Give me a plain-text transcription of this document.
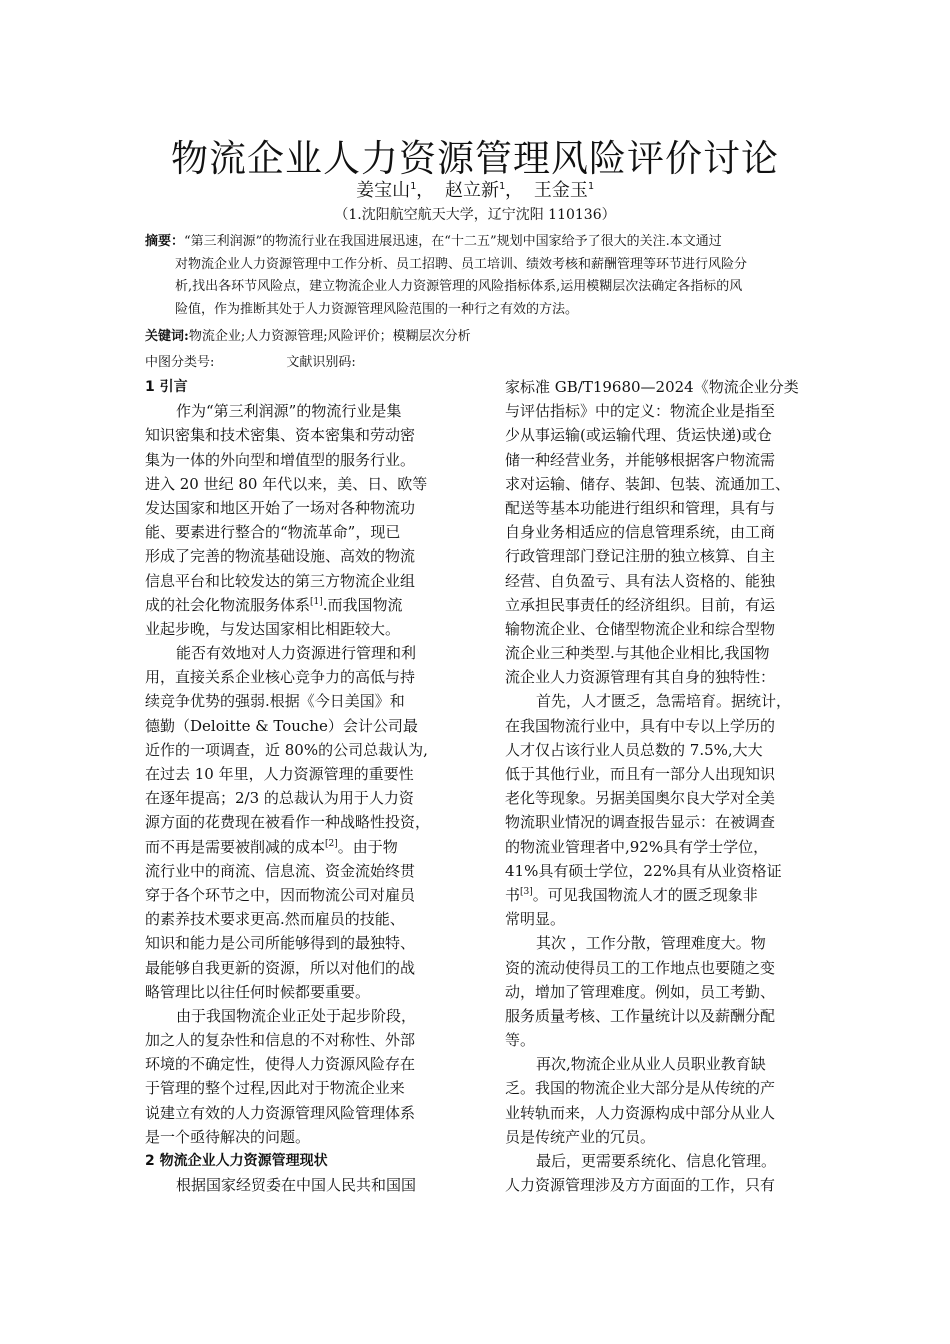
物流企业人力资源管理风险评价讨论
姜宝山$^1$， 赵立新$^1$， 王金玉$^1$
（1.沈阳航空航天大学，辽宁沈阳 110136）
摘要：“第三利润源”的物流行业在我国进展迅速，在“十二五”规划中国家给予了很大的关注.本文通过
对物流企业人力资源管理中工作分析、员工招聘、员工培训、绩效考核和薪酬管理等环节进行风险分
析,找出各环节风险点，建立物流企业人力资源管理的风险指标体系,运用模糊层次法确定各指标的风
险值，作为推断其处于人力资源管理风险范围的一种行之有效的方法。
关键词:物流企业;人力资源管理;风险评价；模糊层次分析
中图分类号:	文献识别码:
1 引言
作为“第三利润源”的物流行业是集
知识密集和技术密集、资本密集和劳动密
集为一体的外向型和增值型的服务行业。
进入 20 世纪 80 年代以来，美、日、欧等
发达国家和地区开始了一场对各种物流功
能、要素进行整合的“物流革命”，现已
形成了完善的物流基础设施、高效的物流
信息平台和比较发达的第三方物流企业组
成的社会化物流服务体系[1].而我国物流
业起步晚，与发达国家相比相距较大。
能否有效地对人力资源进行管理和利
用，直接关系企业核心竞争力的高低与持
续竞争优势的强弱.根据《今日美国》和
德勤（Deloitte & Touche）会计公司最
近作的一项调查，近 80%的公司总裁认为,
在过去 10 年里，人力资源管理的重要性
在逐年提高；2/3 的总裁认为用于人力资
源方面的花费现在被看作一种战略性投资，
而不再是需要被削减的成本[2]。由于物
流行业中的商流、信息流、资金流始终贯
穿于各个环节之中，因而物流公司对雇员
的素养技术要求更高.然而雇员的技能、
知识和能力是公司所能够得到的最独特、
最能够自我更新的资源，所以对他们的战
略管理比以往任何时候都要重要。
由于我国物流企业正处于起步阶段，
加之人的复杂性和信息的不对称性、外部
环境的不确定性，使得人力资源风险存在
于管理的整个过程,因此对于物流企业来
说建立有效的人力资源管理风险管理体系
是一个亟待解决的问题。
2 物流企业人力资源管理现状
根据国家经贸委在中国人民共和国国
家标准 GB/T19680—2024《物流企业分类
与评估指标》中的定义：物流企业是指至
少从事运输(或运输代理、货运快递)或仓
储一种经营业务，并能够根据客户物流需
求对运输、储存、装卸、包装、流通加工、
配送等基本功能进行组织和管理，具有与
自身业务相适应的信息管理系统，由工商
行政管理部门登记注册的独立核算、自主
经营、自负盈亏、具有法人资格的、能独
立承担民事责任的经济组织。目前，有运
输物流企业、仓储型物流企业和综合型物
流企业三种类型.与其他企业相比,我国物
流企业人力资源管理有其自身的独特性：
首先，人才匮乏，急需培育。据统计，
在我国物流行业中，具有中专以上学历的
人才仅占该行业人员总数的 7.5%,大大
低于其他行业，而且有一部分人出现知识
老化等现象。另据美国奥尔良大学对全美
物流职业情况的调查报告显示：在被调查
的物流业管理者中,92%具有学士学位，
41%具有硕士学位，22%具有从业资格证
书[3]。可见我国物流人才的匮乏现象非
常明显。
其次 ，工作分散，管理难度大。物
资的流动使得员工的工作地点也要随之变
动，增加了管理难度。例如，员工考勤、
服务质量考核、工作量统计以及薪酬分配
等。
再次,物流企业从业人员职业教育缺
乏。我国的物流企业大部分是从传统的产
业转轨而来，人力资源构成中部分从业人
员是传统产业的冗员。
最后，更需要系统化、信息化管理。
人力资源管理涉及方方面面的工作，只有
